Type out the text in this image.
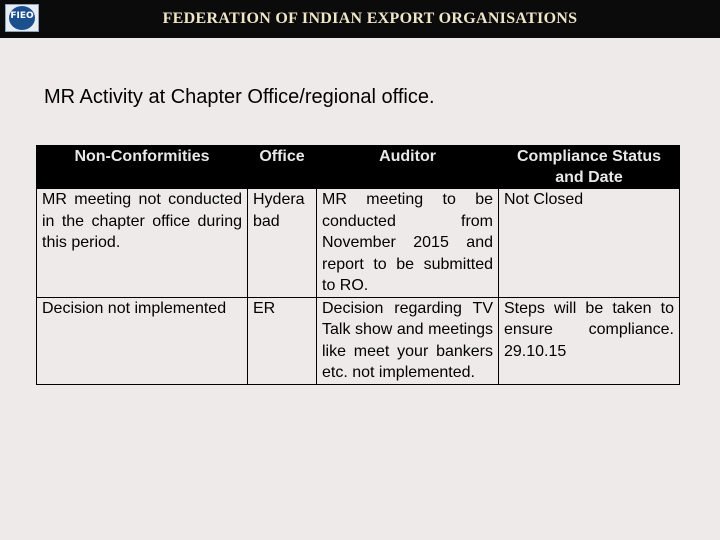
FIEO	FEDERATION OF INDIAN EXPORT ORGANISATIONS
MR Activity at Chapter Office/regional office.
Non-Conformities	Office	Auditor	Compliance Status and Date
MR meeting not conducted in the chapter office during this period.	Hyderabad	MR meeting to be conducted from November 2015 and report to be submitted to RO.	Not Closed

Decision not implemented	ER	Decision regarding TV Talk show and meetings like meet your bankers etc. not implemented.	Steps will be taken to ensure compliance. 29.10.15
